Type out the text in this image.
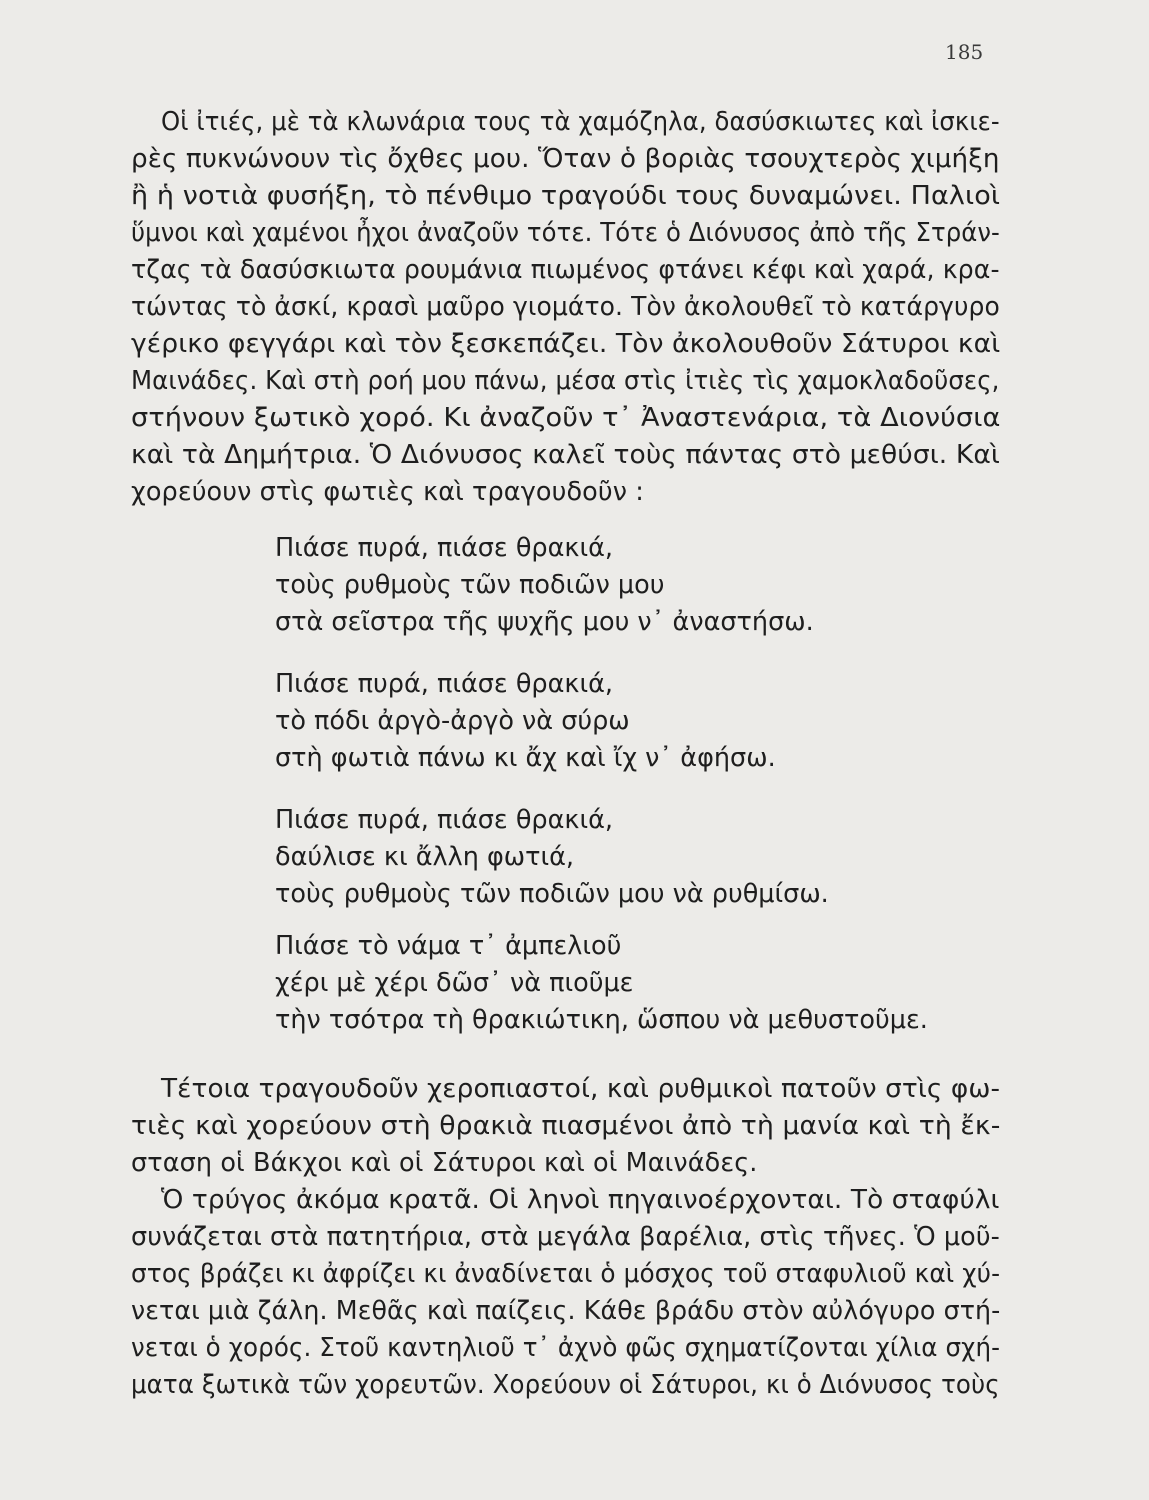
185
Οἱ ἰτιές, μὲ τὰ κλωνάρια τους τὰ χαμόζηλα, δασύσκιωτες καὶ ἰσκιε-
ρὲς πυκνώνουν τὶς ὄχθες μου. Ὅταν ὁ βοριὰς τσουχτερὸς χιμήξη
ἢ ἡ νοτιὰ φυσήξη, τὸ πένθιμο τραγούδι τους δυναμώνει. Παλιοὶ
ὕμνοι καὶ χαμένοι ἦχοι ἀναζοῦν τότε. Τότε ὁ Διόνυσος ἀπὸ τῆς Στράν-
τζας τὰ δασύσκιωτα ρουμάνια πιωμένος φτάνει κέφι καὶ χαρά, κρα-
τώντας τὸ ἀσκί, κρασὶ μαῦρο γιομάτο. Τὸν ἀκολουθεῖ τὸ κατάργυρο
γέρικο φεγγάρι καὶ τὸν ξεσκεπάζει. Τὸν ἀκολουθοῦν Σάτυροι καὶ
Μαινάδες. Καὶ στὴ ροή μου πάνω, μέσα στὶς ἰτιὲς τὶς χαμοκλαδοῦσες,
στήνουν ξωτικὸ χορό. Κι ἀναζοῦν τ᾽ Ἀναστενάρια, τὰ Διονύσια
καὶ τὰ Δημήτρια. Ὁ Διόνυσος καλεῖ τοὺς πάντας στὸ μεθύσι. Καὶ
χορεύουν στὶς φωτιὲς καὶ τραγουδοῦν :
Πιάσε πυρά, πιάσε θρακιά,
τοὺς ρυθμοὺς τῶν ποδιῶν μου
στὰ σεῖστρα τῆς ψυχῆς μου ν᾽ ἀναστήσω.
Πιάσε πυρά, πιάσε θρακιά,
τὸ πόδι ἀργὸ-ἀργὸ νὰ σύρω
στὴ φωτιὰ πάνω κι ἄχ καὶ ἴχ ν᾽ ἀφήσω.
Πιάσε πυρά, πιάσε θρακιά,
δαύλισε κι ἄλλη φωτιά,
τοὺς ρυθμοὺς τῶν ποδιῶν μου νὰ ρυθμίσω.
Πιάσε τὸ νάμα τ᾽ ἀμπελιοῦ
χέρι μὲ χέρι δῶσ᾽ νὰ πιοῦμε
τὴν τσότρα τὴ θρακιώτικη, ὥσπου νὰ μεθυστοῦμε.
Τέτοια τραγουδοῦν χεροπιαστοί, καὶ ρυθμικοὶ πατοῦν στὶς φω-
τιὲς καὶ χορεύουν στὴ θρακιὰ πιασμένοι ἀπὸ τὴ μανία καὶ τὴ ἔκ-
σταση οἱ Βάκχοι καὶ οἱ Σάτυροι καὶ οἱ Μαινάδες.
Ὁ τρύγος ἀκόμα κρατᾶ. Οἱ ληνοὶ πηγαινοέρχονται. Τὸ σταφύλι
συνάζεται στὰ πατητήρια, στὰ μεγάλα βαρέλια, στὶς τῆνες. Ὁ μοῦ-
στος βράζει κι ἀφρίζει κι ἀναδίνεται ὁ μόσχος τοῦ σταφυλιοῦ καὶ χύ-
νεται μιὰ ζάλη. Μεθᾶς καὶ παίζεις. Κάθε βράδυ στὸν αὐλόγυρο στή-
νεται ὁ χορός. Στοῦ καντηλιοῦ τ᾽ ἀχνὸ φῶς σχηματίζονται χίλια σχή-
ματα ξωτικὰ τῶν χορευτῶν. Χορεύουν οἱ Σάτυροι, κι ὁ Διόνυσος τοὺς
